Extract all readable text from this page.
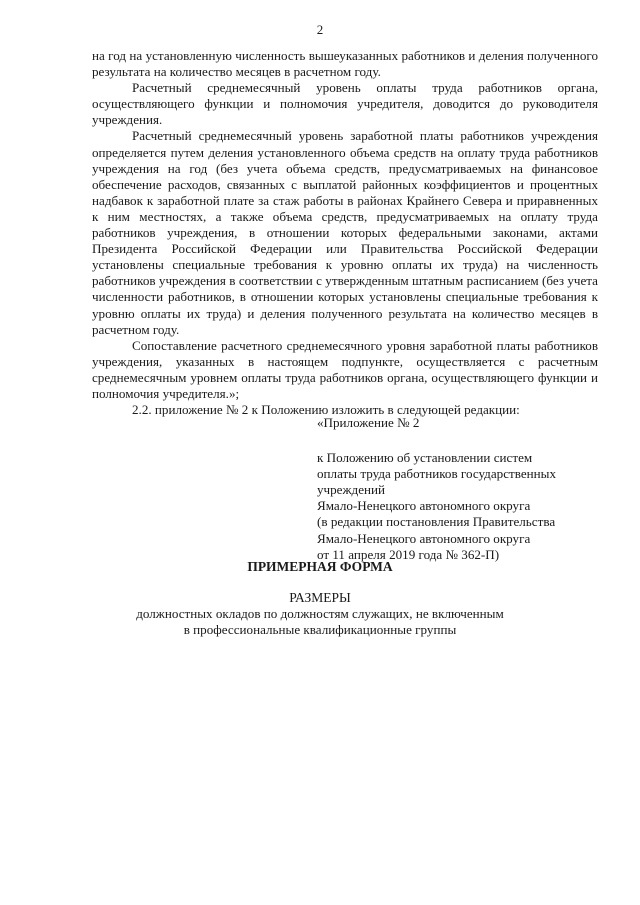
2

на год на установленную численность вышеуказанных работников и деления полученного результата на количество месяцев в расчетном году.

Расчетный среднемесячный уровень оплаты труда работников органа, осуществляющего функции и полномочия учредителя, доводится до руководителя учреждения.

Расчетный среднемесячный уровень заработной платы работников учреждения определяется путем деления установленного объема средств на оплату труда работников учреждения на год (без учета объема средств, предусматриваемых на финансовое обеспечение расходов, связанных с выплатой районных коэффициентов и процентных надбавок к заработной плате за стаж работы в районах Крайнего Севера и приравненных к ним местностях, а также объема средств, предусматриваемых на оплату труда работников учреждения, в отношении которых федеральными законами, актами Президента Российской Федерации или Правительства Российской Федерации установлены специальные требования к уровню оплаты их труда) на численность работников учреждения в соответствии с утвержденным штатным расписанием (без учета численности работников, в отношении которых установлены специальные требования к уровню оплаты их труда) и деления полученного результата на количество месяцев в расчетном году.

Сопоставление расчетного среднемесячного уровня заработной платы работников учреждения, указанных в настоящем подпункте, осуществляется с расчетным среднемесячным уровнем оплаты труда работников органа, осуществляющего функции и полномочия учредителя.»;

2.2. приложение № 2 к Положению изложить в следующей редакции:

«Приложение № 2

к Положению об установлении систем
оплаты труда работников государственных
учреждений
Ямало-Ненецкого автономного округа
(в редакции постановления Правительства
Ямало-Ненецкого автономного округа
от 11 апреля 2019 года № 362-П)
ПРИМЕРНАЯ ФОРМА
РАЗМЕРЫ
должностных окладов по должностям служащих, не включенным
в профессиональные квалификационные группы
